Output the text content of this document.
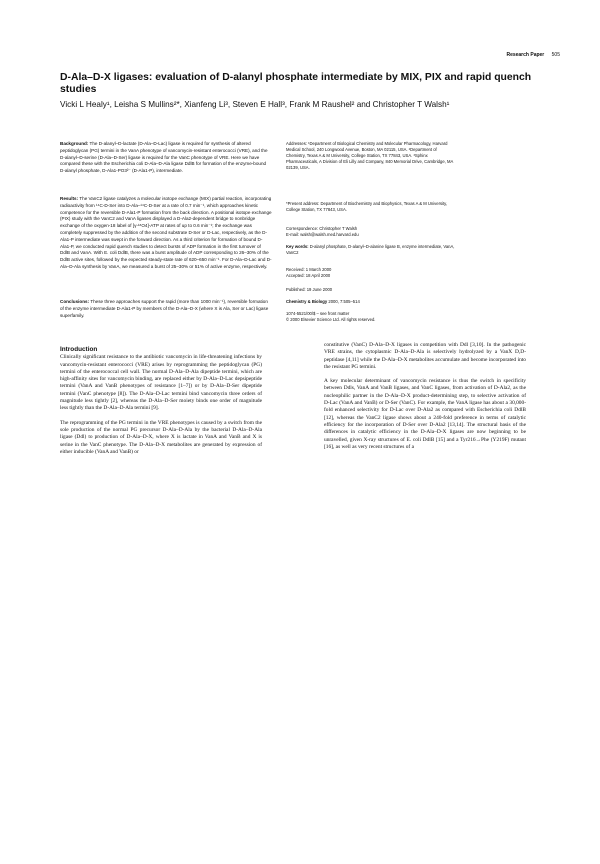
Research Paper 505
D-Ala–D-X ligases: evaluation of D-alanyl phosphate intermediate by MIX, PIX and rapid quench studies
Vicki L Healy¹, Leisha S Mullins²*, Xianfeng Li³, Steven E Hall³, Frank M Raushel² and Christopher T Walsh¹
Background: The D-alanyl–D-lactate (D-Ala–D-Lac) ligase is required for synthesis of altered peptidoglycan (PG) termini in the VanA phenotype of vancomycin-resistant enterococci (VRE), and the D-alanyl–D-serine (D-Ala–D-Ser) ligase is required for the VanC phenotype of VRE. Here we have compared these with the Escherichia coli D-Ala–D-Ala ligase DdlB for formation of the enzyme-bound D-alanyl phosphate, D-Ala1-PO3²⁻ (D-Ala1-P), intermediate.
Results: The VanC2 ligase catalyzes a molecular isotope exchange (MIX) partial reaction, incorporating radioactivity from ¹⁴C-D-Ser into D-Ala–¹⁴C-D-Ser at a rate of 0.7 min⁻¹, which approaches kinetic competence for the reversible D-Ala1-P formation from the back direction. A positional isotope exchange (PIX) study with the VanC2 and VanA ligases displayed a D-Ala2-dependent bridge to nonbridge exchange of the oxygen-18 label of [γ-¹⁸O4]-ATP at rates of up to 0.6 min⁻¹; the exchange was completely suppressed by the addition of the second substrate D-Ser or D-Lac, respectively, as the D-Ala1-P intermediate was swept in the forward direction. As a third criterion for formation of bound D-Ala1-P, we conducted rapid quench studies to detect bursts of ADP formation in the first turnover of DdlB and VanA. With E. coli DdlB, there was a burst amplitude of ADP corresponding to 26–30% of the DdlB active sites, followed by the expected steady-state rate of 620–650 min⁻¹. For D-Ala–D-Lac and D-Ala–D-Ala synthesis by VanA, we measured a burst of 25–30% or 51% of active enzyme, respectively.
Conclusions: These three approaches support the rapid (more than 1000 min⁻¹), reversible formation of the enzyme intermediate D-Ala1-P by members of the D-Ala–D-X (where X is Ala, Ser or Lac) ligase superfamily.
Addresses: ¹Department of Biological Chemistry and Molecular Pharmacology, Harvard Medical School, 240 Longwood Avenue, Boston, MA 02115, USA. ²Department of Chemistry, Texas A & M University, College Station, TX 77843, USA. ³Sphinx Pharmaceuticals, A Division of Eli Lilly and Company, 840 Memorial Drive, Cambridge, MA 02139, USA.
*Present address: Department of Biochemistry and Biophysics, Texas A & M University, College Station, TX 77843, USA.
Correspondence: Christopher T Walsh
E-mail: walsh@walsh.med.harvard.edu
Key words: D-alanyl phosphate, D-alanyl–D-alanine ligase B, enzyme intermediate, VanA, VanC2
Received: 1 March 2000
Accepted: 18 April 2000
Published: 19 June 2000
Chemistry & Biology 2000, 7:505–514
1074-5521/00/$ – see front matter
© 2000 Elsevier Science Ltd. All rights reserved.
Introduction

Clinically significant resistance to the antibiotic vancomycin in life-threatening infections by vancomycin-resistant enterococci (VRE) arises by reprogramming the peptidoglycan (PG) termini of the enterococcal cell wall. The normal D-Ala–D-Ala dipeptide termini, which are high-affinity sites for vancomycin binding, are replaced either by D-Ala–D-Lac depsipeptide termini (VanA and VanB phenotypes of resistance [1–7]) or by D-Ala–D-Ser dipeptide termini (VanC phenotype [8]). The D-Ala–D-Lac termini bind vancomycin three orders of magnitude less tightly [2], whereas the D-Ala–D-Ser moiety binds one order of magnitude less tightly than the D-Ala–D-Ala termini [9].

The reprogramming of the PG termini in the VRE phenotypes is caused by a switch from the sole production of the normal PG precursor D-Ala–D-Ala by the bacterial D-Ala–D-Ala ligase (Ddl) to production of D-Ala–D-X, where X is lactate in VanA and VanB and X is serine in the VanC phenotype. The D-Ala–D-X metabolites are generated by expression of either inducible (VanA and VanB) or

constitutive (VanC) D-Ala–D-X ligases in competition with Ddl [3,10]. In the pathogenic VRE strains, the cytoplasmic D-Ala–D-Ala is selectively hydrolyzed by a VanX D,D-peptidase [4,11] while the D-Ala–D-X metabolites accumulate and become incorporated into the resistant PG termini.

A key molecular determinant of vancomycin resistance is thus the switch in specificity between Ddls, VanA and VanB ligases, and VanC ligases, from activation of D-Ala2, as the nucleophilic partner in the D-Ala–D-X product-determining step, to selective activation of D-Lac (VanA and VanB) or D-Ser (VanC). For example, the VanA ligase has about a 30,000-fold enhanced selectivity for D-Lac over D-Ala2 as compared with Escherichia coli DdlB [12], whereas the VanC2 ligase shows about a 240-fold preference in terms of catalytic efficiency for the incorporation of D-Ser over D-Ala2 [13,14]. The structural basis of the differences in catalytic efficiency in the D-Ala–D-X ligases are now beginning to be unravelled, given X-ray structures of E. coli DdlB [15] and a Tyr216→Phe (Y219F) mutant [16], as well as very recent structures of a
